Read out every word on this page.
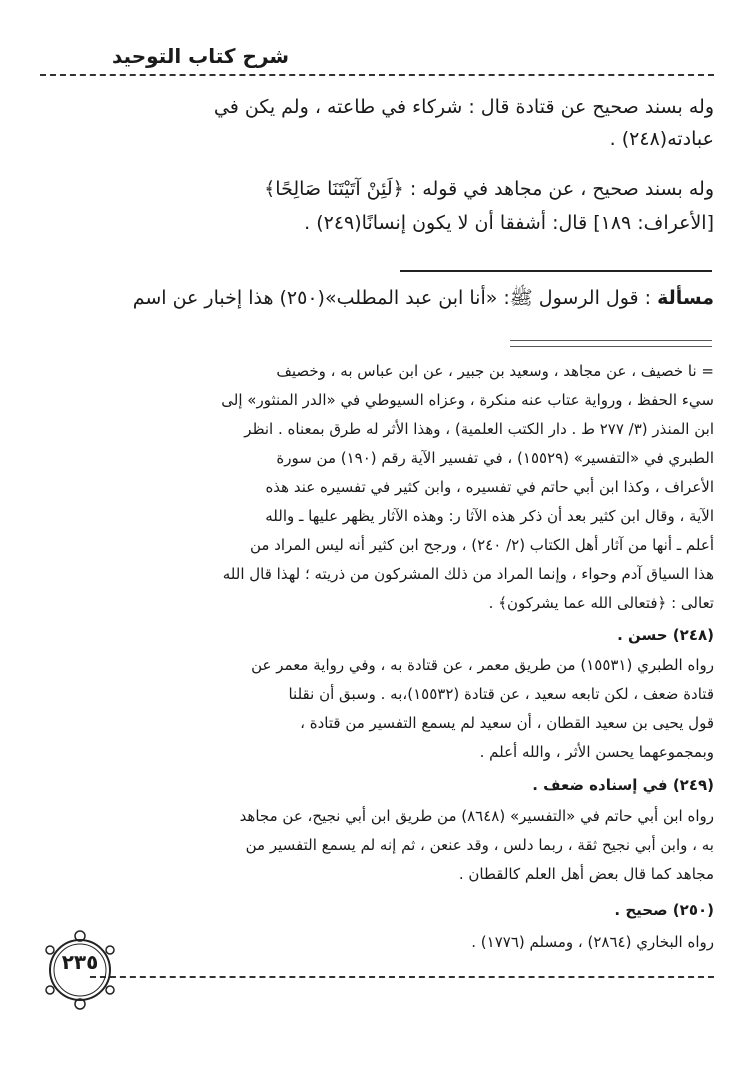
شرح كتاب التوحيد
وله بسند صحيح عن قتادة قال : شركاء في طاعته ، ولم يكن في
عبادته(٢٤٨) .
وله بسند صحيح ، عن مجاهد في قوله : ﴿لَئِنْ آتَيْتَنَا صَالِحًا﴾
[الأعراف: ١٨٩] قال: أشفقا أن لا يكون إنسانًا(٢٤٩) .
مسألة : قول الرسول ﷺ: «أنا ابن عبد المطلب»(٢٥٠) هذا إخبار عن اسم
= نا خصيف ، عن مجاهد ، وسعيد بن جبير ، عن ابن عباس به ، وخصيف
سيء الحفظ ، ورواية عتاب عنه منكرة ، وعزاه السيوطي في «الدر المنثور» إلى
ابن المنذر (٣/ ٢٧٧ ط . دار الكتب العلمية) ، وهذا الأثر له طرق بمعناه . انظر
الطبري في «التفسير» (١٥٥٢٩) ، في تفسير الآية رقم (١٩٠) من سورة
الأعراف ، وكذا ابن أبي حاتم في تفسيره ، وابن كثير في تفسيره عند هذه
الآية ، وقال ابن كثير بعد أن ذكر هذه الآثا ر: وهذه الآثار يظهر عليها ـ والله
أعلم ـ أنها من آثار أهل الكتاب (٢/ ٢٤٠) ، ورجح ابن كثير أنه ليس المراد من
هذا السياق آدم وحواء ، وإنما المراد من ذلك المشركون من ذريته ؛ لهذا قال الله
تعالى : ﴿فتعالى الله عما يشركون﴾ .
(٢٤٨) حسن .
رواه الطبري (١٥٥٣١) من طريق معمر ، عن قتادة به ، وفي رواية معمر عن
قتادة ضعف ، لكن تابعه سعيد ، عن قتادة (١٥٥٣٢)،به . وسبق أن نقلنا
قول يحيى بن سعيد القطان ، أن سعيد لم يسمع التفسير من قتادة ،
وبمجموعهما يحسن الأثر ، والله أعلم .
(٢٤٩) في إسناده ضعف .
رواه ابن أبي حاتم في «التفسير» (٨٦٤٨) من طريق ابن أبي نجيح، عن مجاهد
به ، وابن أبي نجيح ثقة ، ربما دلس ، وقد عنعن ، ثم إنه لم يسمع التفسير من
مجاهد كما قال بعض أهل العلم كالقطان .
(٢٥٠) صحيح .
رواه البخاري (٢٨٦٤) ، ومسلم (١٧٧٦) .
٢٣٥
